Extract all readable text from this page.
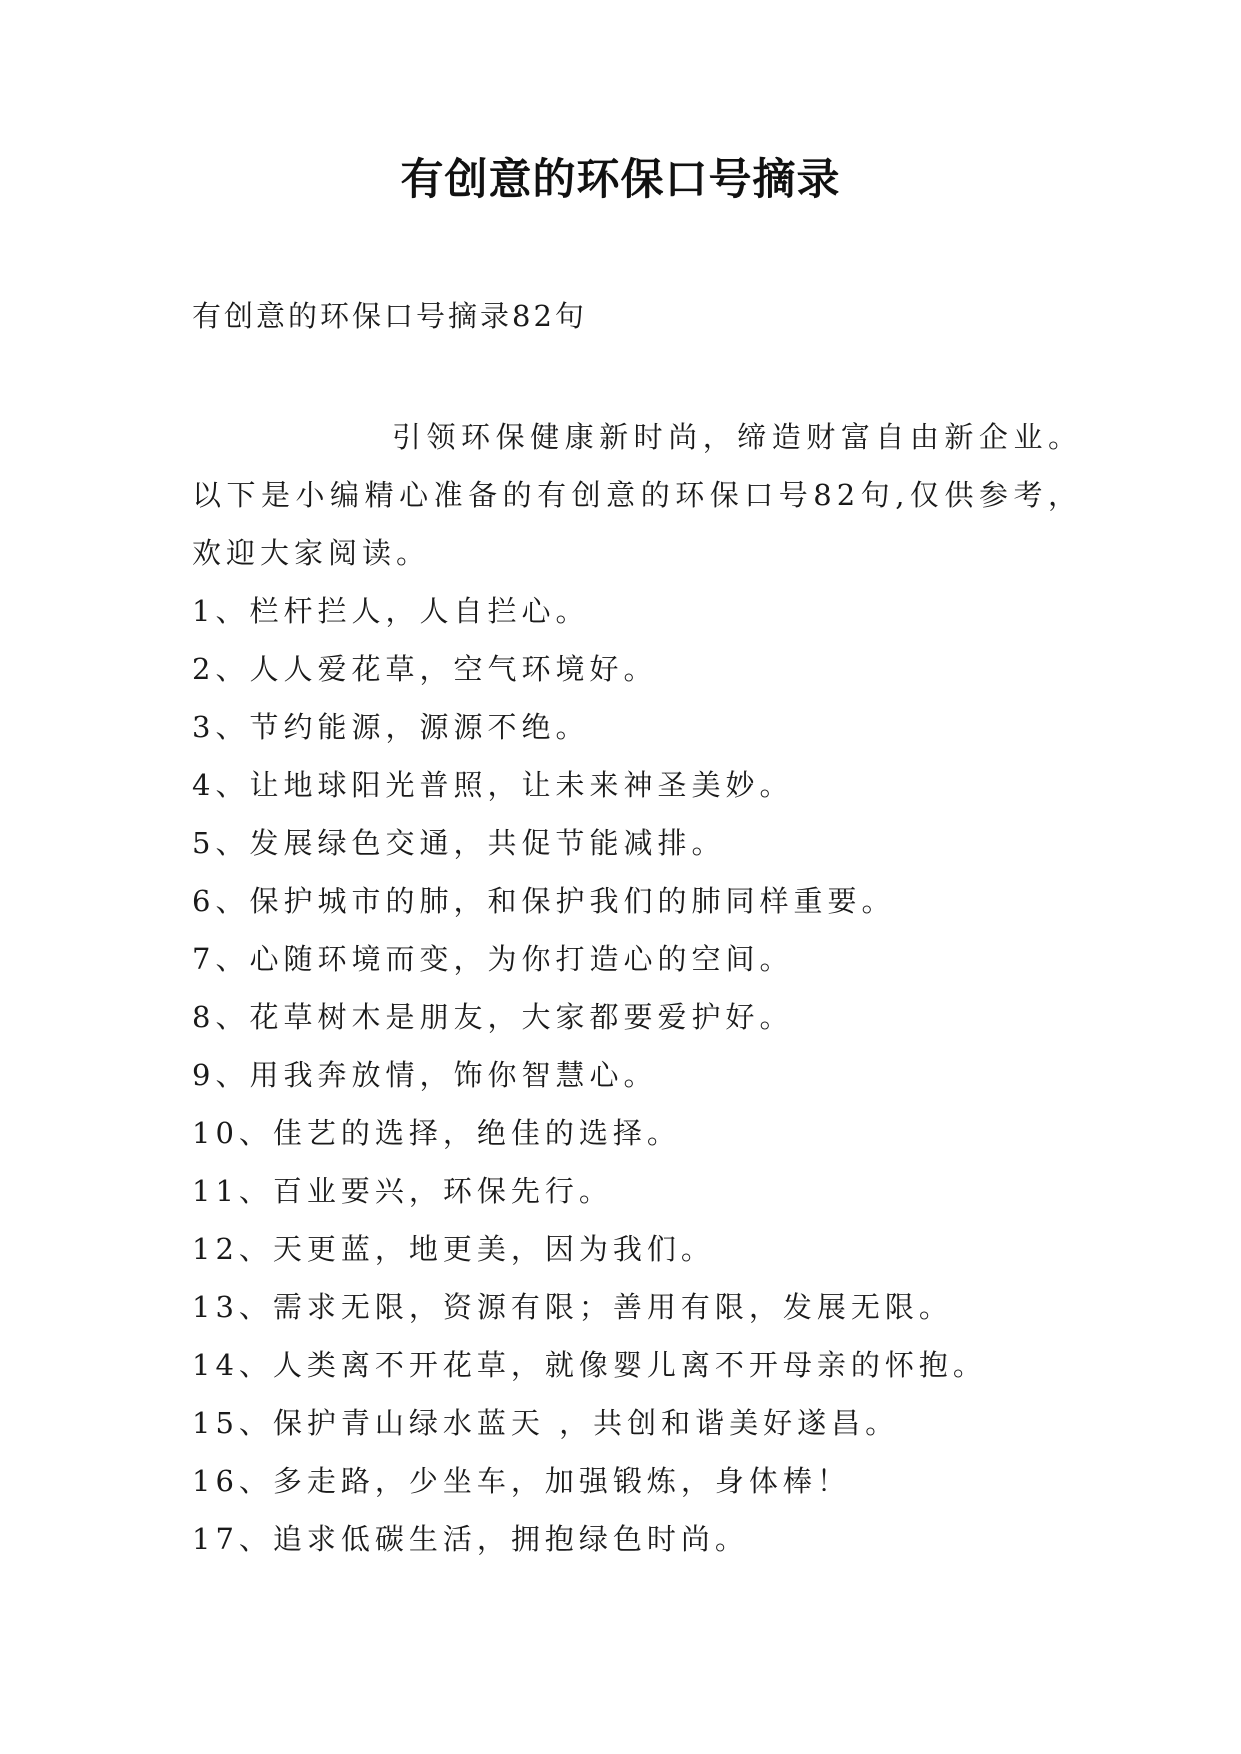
有创意的环保口号摘录
有创意的环保口号摘录82句

引领环保健康新时尚，缔造财富自由新企业。以下是小编精心准备的有创意的环保口号82句,仅供参考，欢迎大家阅读。

1、栏杆拦人，人自拦心。
2、人人爱花草，空气环境好。
3、节约能源，源源不绝。
4、让地球阳光普照，让未来神圣美妙。
5、发展绿色交通，共促节能减排。
6、保护城市的肺，和保护我们的肺同样重要。
7、心随环境而变，为你打造心的空间。
8、花草树木是朋友，大家都要爱护好。
9、用我奔放情，饰你智慧心。
10、佳艺的选择，绝佳的选择。
11、百业要兴，环保先行。
12、天更蓝，地更美，因为我们。
13、需求无限，资源有限；善用有限，发展无限。
14、人类离不开花草，就像婴儿离不开母亲的怀抱。
15、保护青山绿水蓝天 ，共创和谐美好遂昌。
16、多走路，少坐车，加强锻炼，身体棒！
17、追求低碳生活，拥抱绿色时尚。
